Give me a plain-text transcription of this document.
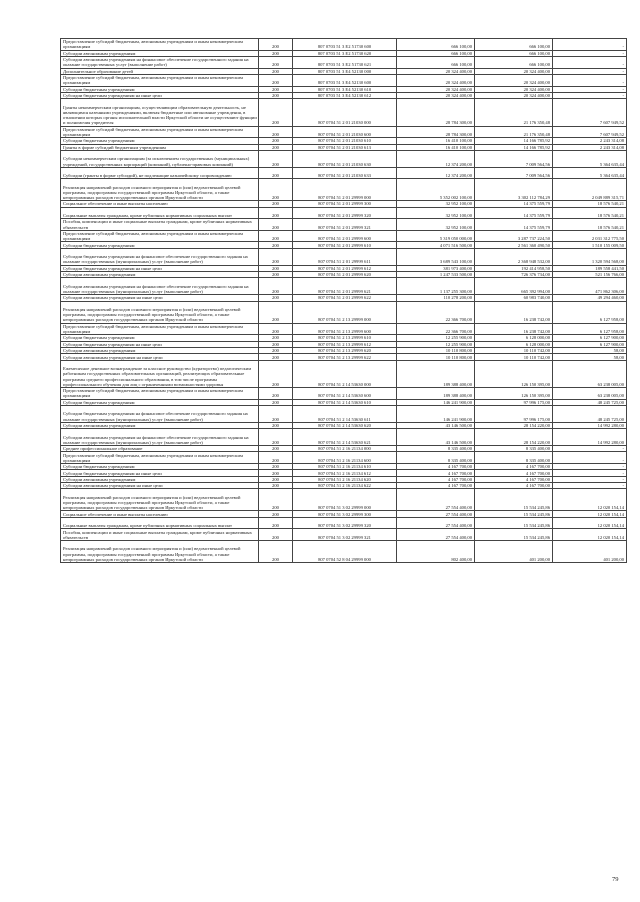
Предоставление субсидий бюджетным, автономным учреждениям и иным некоммерческим организациям	200	807 0703 51 3 Е2 51730 600	666 100,00	666 100,00	-
Субсидии автономным учреждениям	200	807 0703 51 3 Е2 51730 620	666 100,00	666 100,00	-
Субсидии автономным учреждениям на финансовое обеспечение государственного задания на оказание государственных услуг (выполнение работ)	200	807 0703 51 3 Е2 51730 621	666 100,00	666 100,00	-
Дополнительное образование детей	200	807 0703 51 3 Е4 52130 000	20 324 400,00	20 324 400,00	-
Предоставление субсидий бюджетным, автономным учреждениям и иным некоммерческим организациям	200	807 0703 51 3 Е4 52130 600	20 324 400,00	20 324 400,00	-
Субсидии бюджетным учреждениям	200	807 0703 51 3 Е4 52130 610	20 324 400,00	20 324 400,00	-
Субсидии бюджетным учреждениям на иные цели	200	807 0703 51 3 Е4 52130 612	20 324 400,00	20 324 400,00	-
Гранты некоммерческим организациям, осуществляющим образовательную деятельность, не являющимся казенными учреждениями, включая бюджетные или автономные учреждения, в отношении которых органы исполнительной власти Иркутской области не осуществляют функции и полномочия учредителя	200	807 0704 51 2 01 21030 000	28 784 300,00	21 176 350,48	7 607 949,52
Предоставление субсидий бюджетным, автономным учреждениям и иным некоммерческим организациям	200	807 0704 51 2 01 21030 600	28 784 300,00	21 176 350,48	7 607 949,52
Субсидии бюджетным учреждениям	200	807 0704 51 2 01 21030 610	16 410 100,00	14 166 785,92	2 243 314,08
Гранты в форме субсидий бюджетным учреждениям	200	807 0704 51 2 01 21030 613	16 410 100,00	14 166 785,92	2 243 314,08
Субсидии некоммерческим организациям (за исключением государственных (муниципальных) учреждений, государственных корпораций (компаний), публично-правовых компаний)	200	807 0704 51 2 01 21030 630	12 374 200,00	7 009 564,56	5 364 635,44
Субсидии (гранты в форме субсидий), не подлежащие казначейскому сопровождению	200	807 0704 51 2 01 21030 633	12 374 200,00	7 009 564,56	5 364 635,44
Реализация направлений расходов основного мероприятия и (или) ведомственной целевой программы, подпрограммы государственной программы Иркутской области, а также непрограммных расходов государственных органов Иркутской области	200	807 0704 51 2 01 29999 000	5 352 002 100,00	3 302 112 784,29	2 049 889 315,71
Социальное обеспечение и иные выплаты населению	200	807 0704 51 2 01 29999 300	32 952 100,00	14 375 559,79	18 576 540,21
Социальные выплаты гражданам, кроме публичных нормативных социальных выплат	200	807 0704 51 2 01 29999 320	32 952 100,00	14 375 559,79	18 576 540,21
Пособия, компенсации и иные социальные выплаты гражданам, кроме публичных нормативных обязательств	200	807 0704 51 2 01 29999 321	32 952 100,00	14 375 559,79	18 576 540,21
Предоставление субсидий бюджетным, автономным учреждениям и иным некоммерческим организациям	200	807 0704 51 2 01 29999 600	5 319 050 000,00	3 287 737 224,50	2 031 312 775,50
Субсидии бюджетным учреждениям	200	807 0704 51 2 01 29999 610	4 071 516 500,00	2 561 360 490,50	1 510 155 009,50
Субсидии бюджетным учреждениям на финансовое обеспечение государственного задания на оказание государственных (муниципальных) услуг (выполнение работ)	200	807 0704 51 2 01 29999 611	3 689 543 100,00	2 368 948 532,00	1 320 594 568,00
Субсидии бюджетным учреждениям на иные цели	200	807 0704 51 2 01 29999 612	381 973 400,00	192 414 958,50	189 558 441,50
Субсидии автономным учреждениям	200	807 0704 51 2 01 29999 620	1 247 533 500,00	726 376 734,00	521 156 766,00
Субсидии автономным учреждениям на финансовое обеспечение государственного задания на оказание государственных (муниципальных) услуг (выполнение работ)	200	807 0704 51 2 01 29999 621	1 137 255 300,00	665 392 994,00	471 862 306,00
Субсидии автономным учреждениям на иные цели	200	807 0704 51 2 01 29999 622	110 278 200,00	60 983 740,00	49 294 460,00
Реализация направлений расходов основного мероприятия и (или) ведомственной целевой программы, подпрограммы государственной программы Иркутской области, а также непрограммных расходов государственных органов Иркутской области	200	807 0704 51 2 13 29999 000	22 366 700,00	16 238 742,00	6 127 958,00
Предоставление субсидий бюджетным, автономным учреждениям и иным некоммерческим организациям	200	807 0704 51 2 13 29999 600	22 366 700,00	16 238 742,00	6 127 958,00
Субсидии бюджетным учреждениям	200	807 0704 51 2 13 29999 610	12 255 900,00	6 128 000,00	6 127 900,00
Субсидии бюджетным учреждениям на иные цели	200	807 0704 51 2 13 29999 612	12 255 900,00	6 128 000,00	6 127 900,00
Субсидии автономным учреждениям	200	807 0704 51 2 13 29999 620	10 110 800,00	10 110 742,00	58,00
Субсидии автономным учреждениям на иные цели	200	807 0704 51 2 13 29999 622	10 110 800,00	10 110 742,00	58,00
Ежемесячное денежное вознаграждение за классное руководство (кураторство) педагогическим работникам государственных образовательных организаций, реализующих образовательные программы среднего профессионального образования, в том числе программы профессионального обучения для лиц с ограниченными возможностями здоровья	200	807 0704 51 2 14 53630 000	189 388 400,00	126 150 395,00	63 238 005,00
Предоставление субсидий бюджетным, автономным учреждениям и иным некоммерческим организациям	200	807 0704 51 2 14 53630 600	189 388 400,00	126 150 395,00	63 238 005,00
Субсидии бюджетным учреждениям	200	807 0704 51 2 14 53630 610	146 241 900,00	97 996 175,00	48 245 725,00
Субсидии бюджетным учреждениям на финансовое обеспечение государственного задания на оказание государственных (муниципальных) услуг (выполнение работ)	200	807 0704 51 2 14 53630 611	146 241 900,00	97 996 175,00	48 245 725,00
Субсидии автономным учреждениям	200	807 0704 51 2 14 53630 620	43 146 500,00	28 154 220,00	14 992 280,00
Субсидии автономным учреждениям на финансовое обеспечение государственного задания на оказание государственных (муниципальных) услуг (выполнение работ)	200	807 0704 51 2 14 53630 621	43 146 500,00	28 154 220,00	14 992 280,00
Среднее профессиональное образование	200	807 0704 51 2 16 21134 000	8 335 400,00	8 335 400,00	-
Предоставление субсидий бюджетным, автономным учреждениям и иным некоммерческим организациям	200	807 0704 51 2 16 21134 600	8 335 400,00	8 335 400,00	-
Субсидии бюджетным учреждениям	200	807 0704 51 2 16 21134 610	4 167 700,00	4 167 700,00	-
Субсидии бюджетным учреждениям на иные цели	200	807 0704 51 2 16 21134 612	4 167 700,00	4 167 700,00	-
Субсидии автономным учреждениям	200	807 0704 51 2 16 21134 620	4 167 700,00	4 167 700,00	-
Субсидии автономным учреждениям на иные цели	200	807 0704 51 2 16 21134 622	4 167 700,00	4 167 700,00	-
Реализация направлений расходов основного мероприятия и (или) ведомственной целевой программы, подпрограммы государственной программы Иркутской области, а также непрограммных расходов государственных органов Иркутской области	200	807 0704 51 3 02 29999 000	27 554 400,00	15 534 245,86	12 020 154,14
Социальное обеспечение и иные выплаты населению	200	807 0704 51 3 02 29999 300	27 554 400,00	15 534 245,86	12 020 154,14
Социальные выплаты гражданам, кроме публичных нормативных социальных выплат	200	807 0704 51 3 02 29999 320	27 554 400,00	15 534 245,86	12 020 154,14
Пособия, компенсации и иные социальные выплаты гражданам, кроме публичных нормативных обязательств	200	807 0704 51 3 02 29999 321	27 554 400,00	15 534 245,86	12 020 154,14
Реализация направлений расходов основного мероприятия и (или) ведомственной целевой программы, подпрограммы государственной программы Иркутской области, а также непрограммных расходов государственных органов Иркутской области	200	807 0704 52 8 04 29999 000	802 400,00	401 200,00	401 200,00
79
